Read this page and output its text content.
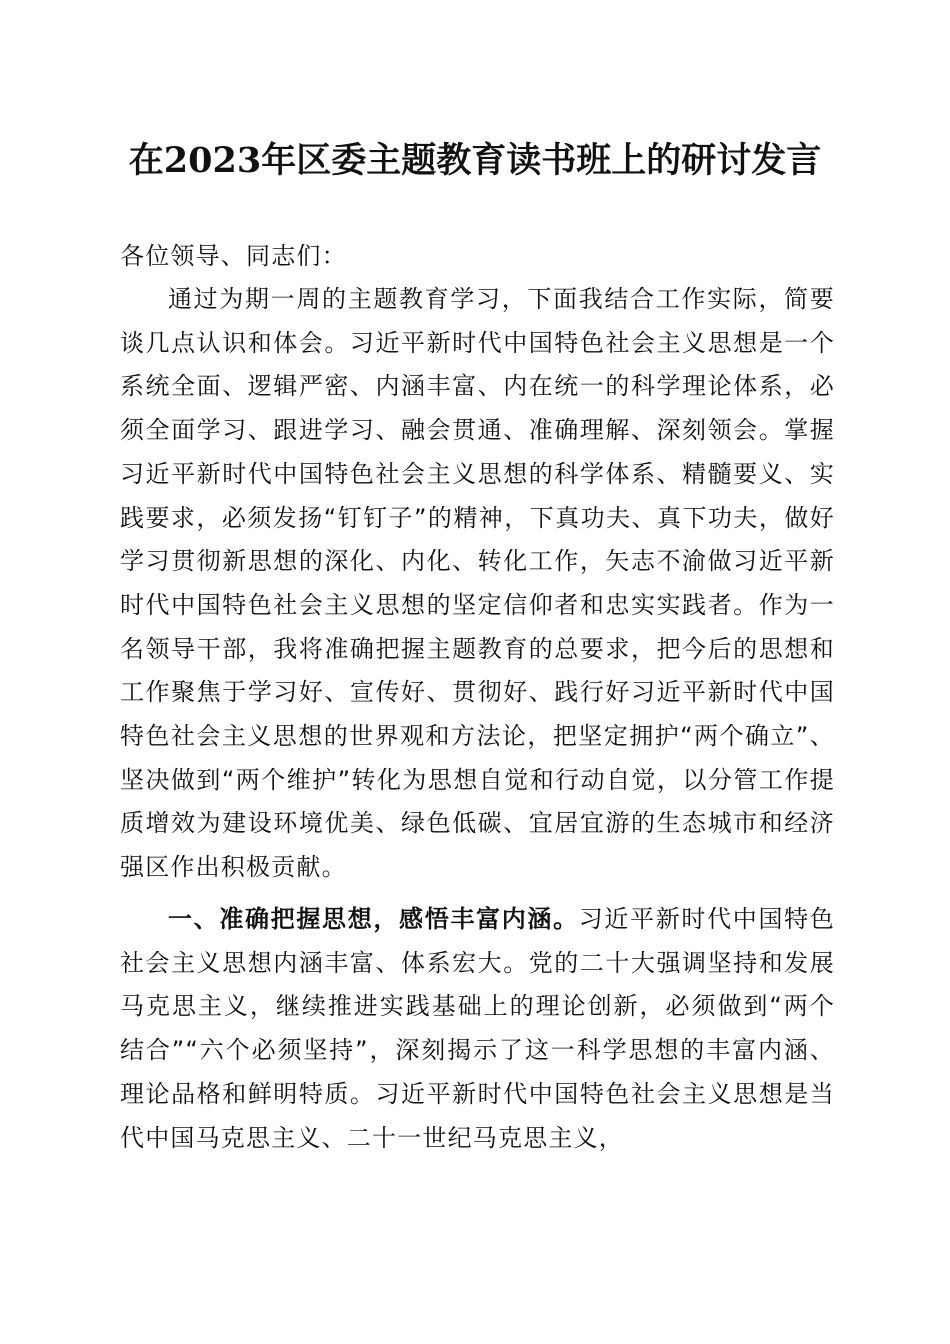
在2023年区委主题教育读书班上的研讨发言
各位领导、同志们：

通过为期一周的主题教育学习，下面我结合工作实际，简要谈几点认识和体会。习近平新时代中国特色社会主义思想是一个系统全面、逻辑严密、内涵丰富、内在统一的科学理论体系，必须全面学习、跟进学习、融会贯通、准确理解、深刻领会。掌握习近平新时代中国特色社会主义思想的科学体系、精髓要义、实践要求，必须发扬“钉钉子”的精神，下真功夫、真下功夫，做好学习贯彻新思想的深化、内化、转化工作，矢志不渝做习近平新时代中国特色社会主义思想的坚定信仰者和忠实实践者。作为一名领导干部，我将准确把握主题教育的总要求，把今后的思想和工作聚焦于学习好、宣传好、贯彻好、践行好习近平新时代中国特色社会主义思想的世界观和方法论，把坚定拥护“两个确立”、坚决做到“两个维护”转化为思想自觉和行动自觉，以分管工作提质增效为建设环境优美、绿色低碳、宜居宜游的生态城市和经济强区作出积极贡献。

一、准确把握思想，感悟丰富内涵。习近平新时代中国特色社会主义思想内涵丰富、体系宏大。党的二十大强调坚持和发展马克思主义，继续推进实践基础上的理论创新，必须做到“两个结合”“六个必须坚持”，深刻揭示了这一科学思想的丰富内涵、理论品格和鲜明特质。习近平新时代中国特色社会主义思想是当代中国马克思主义、二十一世纪马克思主义，
